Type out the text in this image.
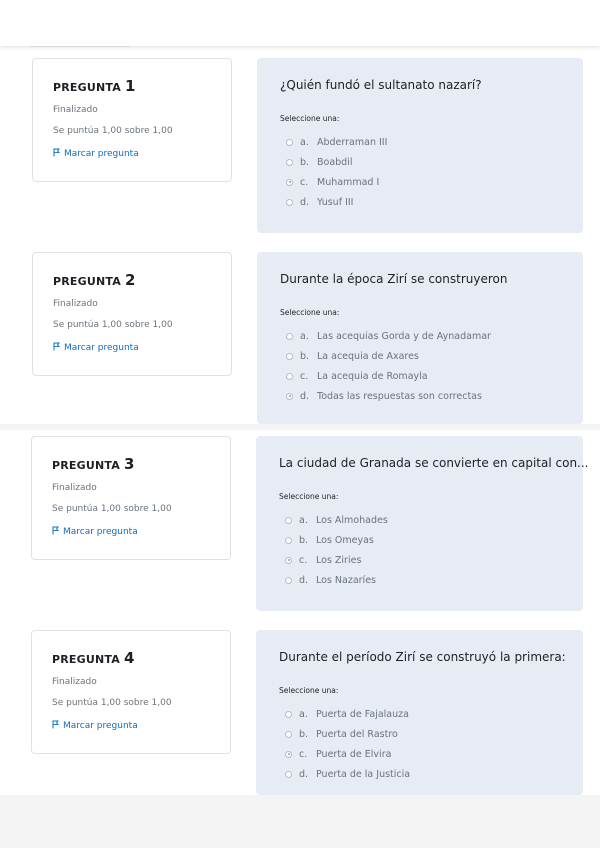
PREGUNTA 1
Finalizado
Se puntúa 1,00 sobre 1,00
Marcar pregunta
¿Quién fundó el sultanato nazarí?
Seleccione una:
a. Abderraman III
b. Boabdil
c. Muhammad I
d. Yusuf III
PREGUNTA 2
Finalizado
Se puntúa 1,00 sobre 1,00
Marcar pregunta
Durante la época Zirí se construyeron
Seleccione una:
a. Las acequias Gorda y de Aynadamar
b. La acequia de Axares
c. La acequia de Romayla
d. Todas las respuestas son correctas
PREGUNTA 3
Finalizado
Se puntúa 1,00 sobre 1,00
Marcar pregunta
La ciudad de Granada se convierte en capital con...
Seleccione una:
a. Los Almohades
b. Los Omeyas
c. Los Ziries
d. Los Nazaríes
PREGUNTA 4
Finalizado
Se puntúa 1,00 sobre 1,00
Marcar pregunta
Durante el período Zirí se construyó la primera:
Seleccione una:
a. Puerta de Fajalauza
b. Puerta del Rastro
c. Puerta de Elvira
d. Puerta de la Justicia
